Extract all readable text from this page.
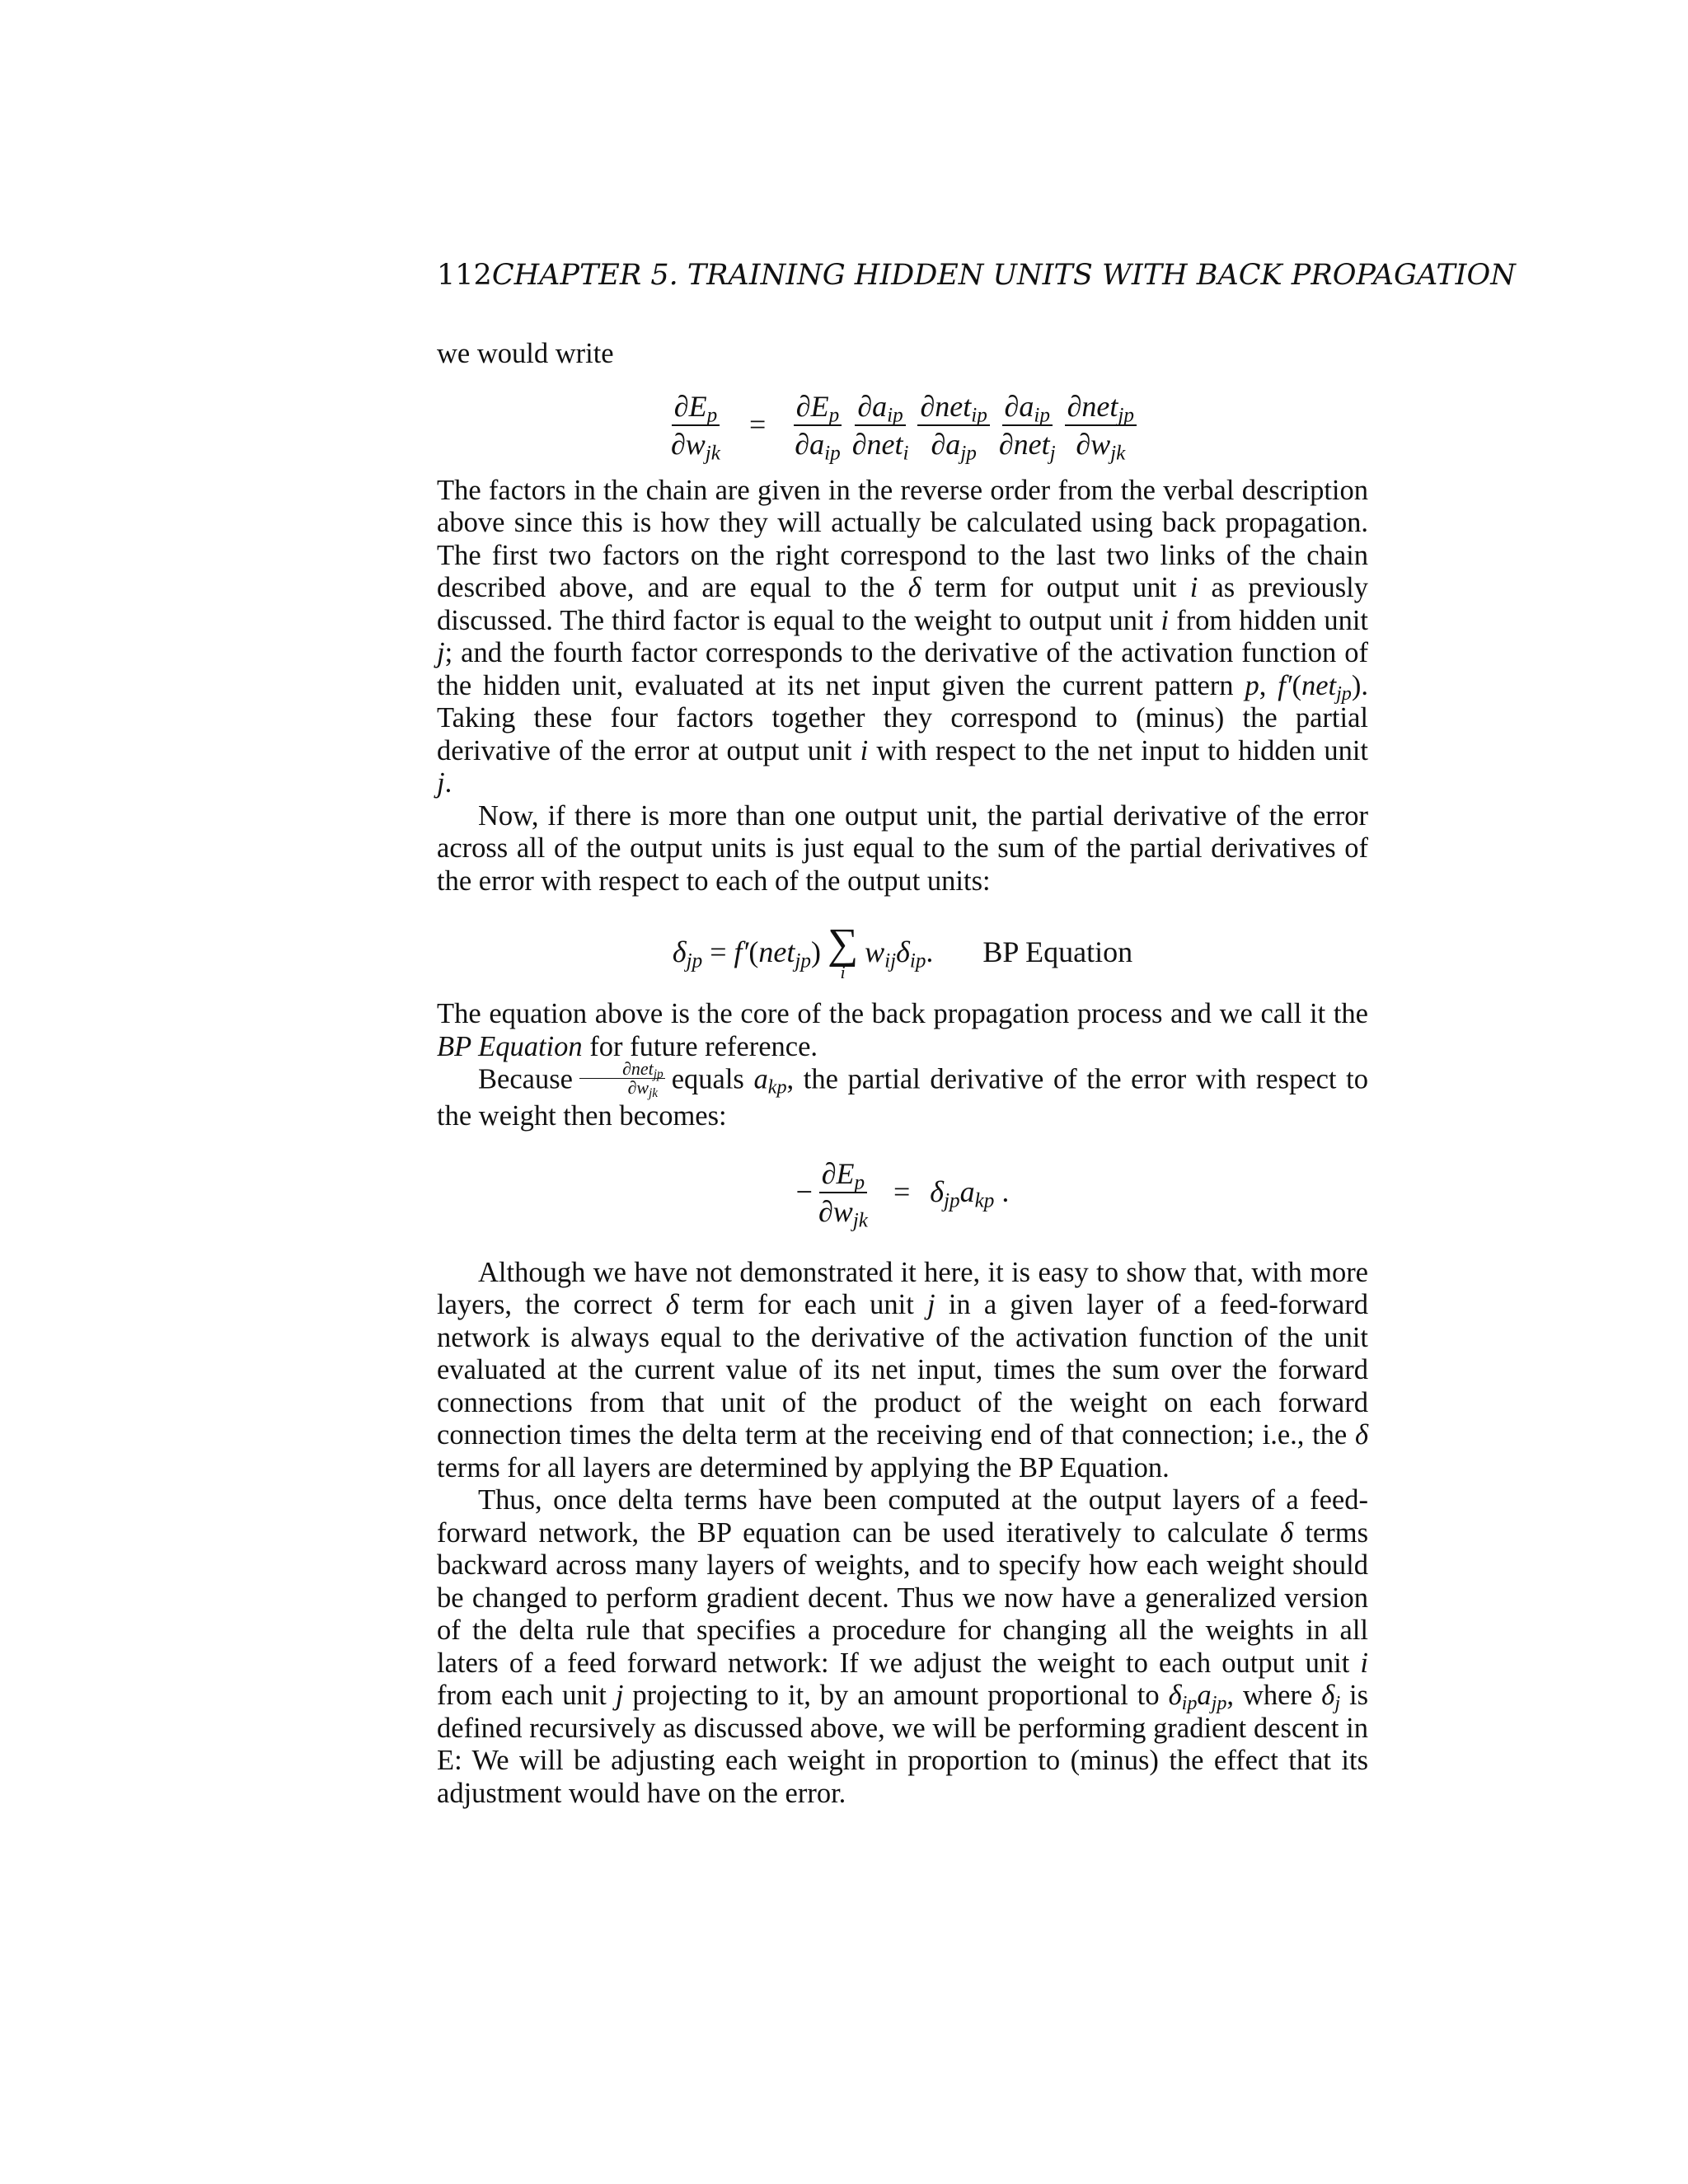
112CHAPTER 5. TRAINING HIDDEN UNITS WITH BACK PROPAGATION

we would write

$\frac{\partial E_p}{\partial w_{jk}} = \frac{\partial E_p}{\partial a_{ip}} \frac{\partial a_{ip}}{\partial net_i} \frac{\partial net_{ip}}{\partial a_{jp}} \frac{\partial a_{ip}}{\partial net_j} \frac{\partial net_{jp}}{\partial w_{jk}}$

The factors in the chain are given in the reverse order from the verbal description above since this is how they will actually be calculated using back propagation. The first two factors on the right correspond to the last two links of the chain described above, and are equal to the δ term for output unit i as previously discussed. The third factor is equal to the weight to output unit i from hidden unit j; and the fourth factor corresponds to the derivative of the activation function of the hidden unit, evaluated at its net input given the current pattern p, f′(net$_{jp}$). Taking these four factors together they correspond to (minus) the partial derivative of the error at output unit i with respect to the net input to hidden unit j.

Now, if there is more than one output unit, the partial derivative of the error across all of the output units is just equal to the sum of the partial derivatives of the error with respect to each of the output units:

$\delta_{jp} = f'$ ( net$_{jp}$ ) ∑
i
$w_{ij}\delta_{ip}$ . BP Equation

The equation above is the core of the back propagation process and we call it the BP Equation for future reference.

Because $\frac{\partial net_{jp}}{\partial w_{jk}}$ equals $a_{kp}$, the partial derivative of the error with respect to the weight then becomes:

− $\frac{\partial E_p}{\partial w_{jk}} = \delta_{jp}a_{kp}$ .

Although we have not demonstrated it here, it is easy to show that, with more layers, the correct δ term for each unit j in a given layer of a feed-forward network is always equal to the derivative of the activation function of the unit evaluated at the current value of its net input, times the sum over the forward connections from that unit of the product of the weight on each forward connection times the delta term at the receiving end of that connection; i.e., the δ terms for all layers are determined by applying the BP Equation.

Thus, once delta terms have been computed at the output layers of a feed-forward network, the BP equation can be used iteratively to calculate δ terms backward across many layers of weights, and to specify how each weight should be changed to perform gradient decent. Thus we now have a generalized version of the delta rule that specifies a procedure for changing all the weights in all laters of a feed forward network: If we adjust the weight to each output unit i from each unit j projecting to it, by an amount proportional to $\delta_{ip}a_{jp}$, where $\delta_j$ is defined recursively as discussed above, we will be performing gradient descent in E: We will be adjusting each weight in proportion to (minus) the effect that its adjustment would have on the error.
